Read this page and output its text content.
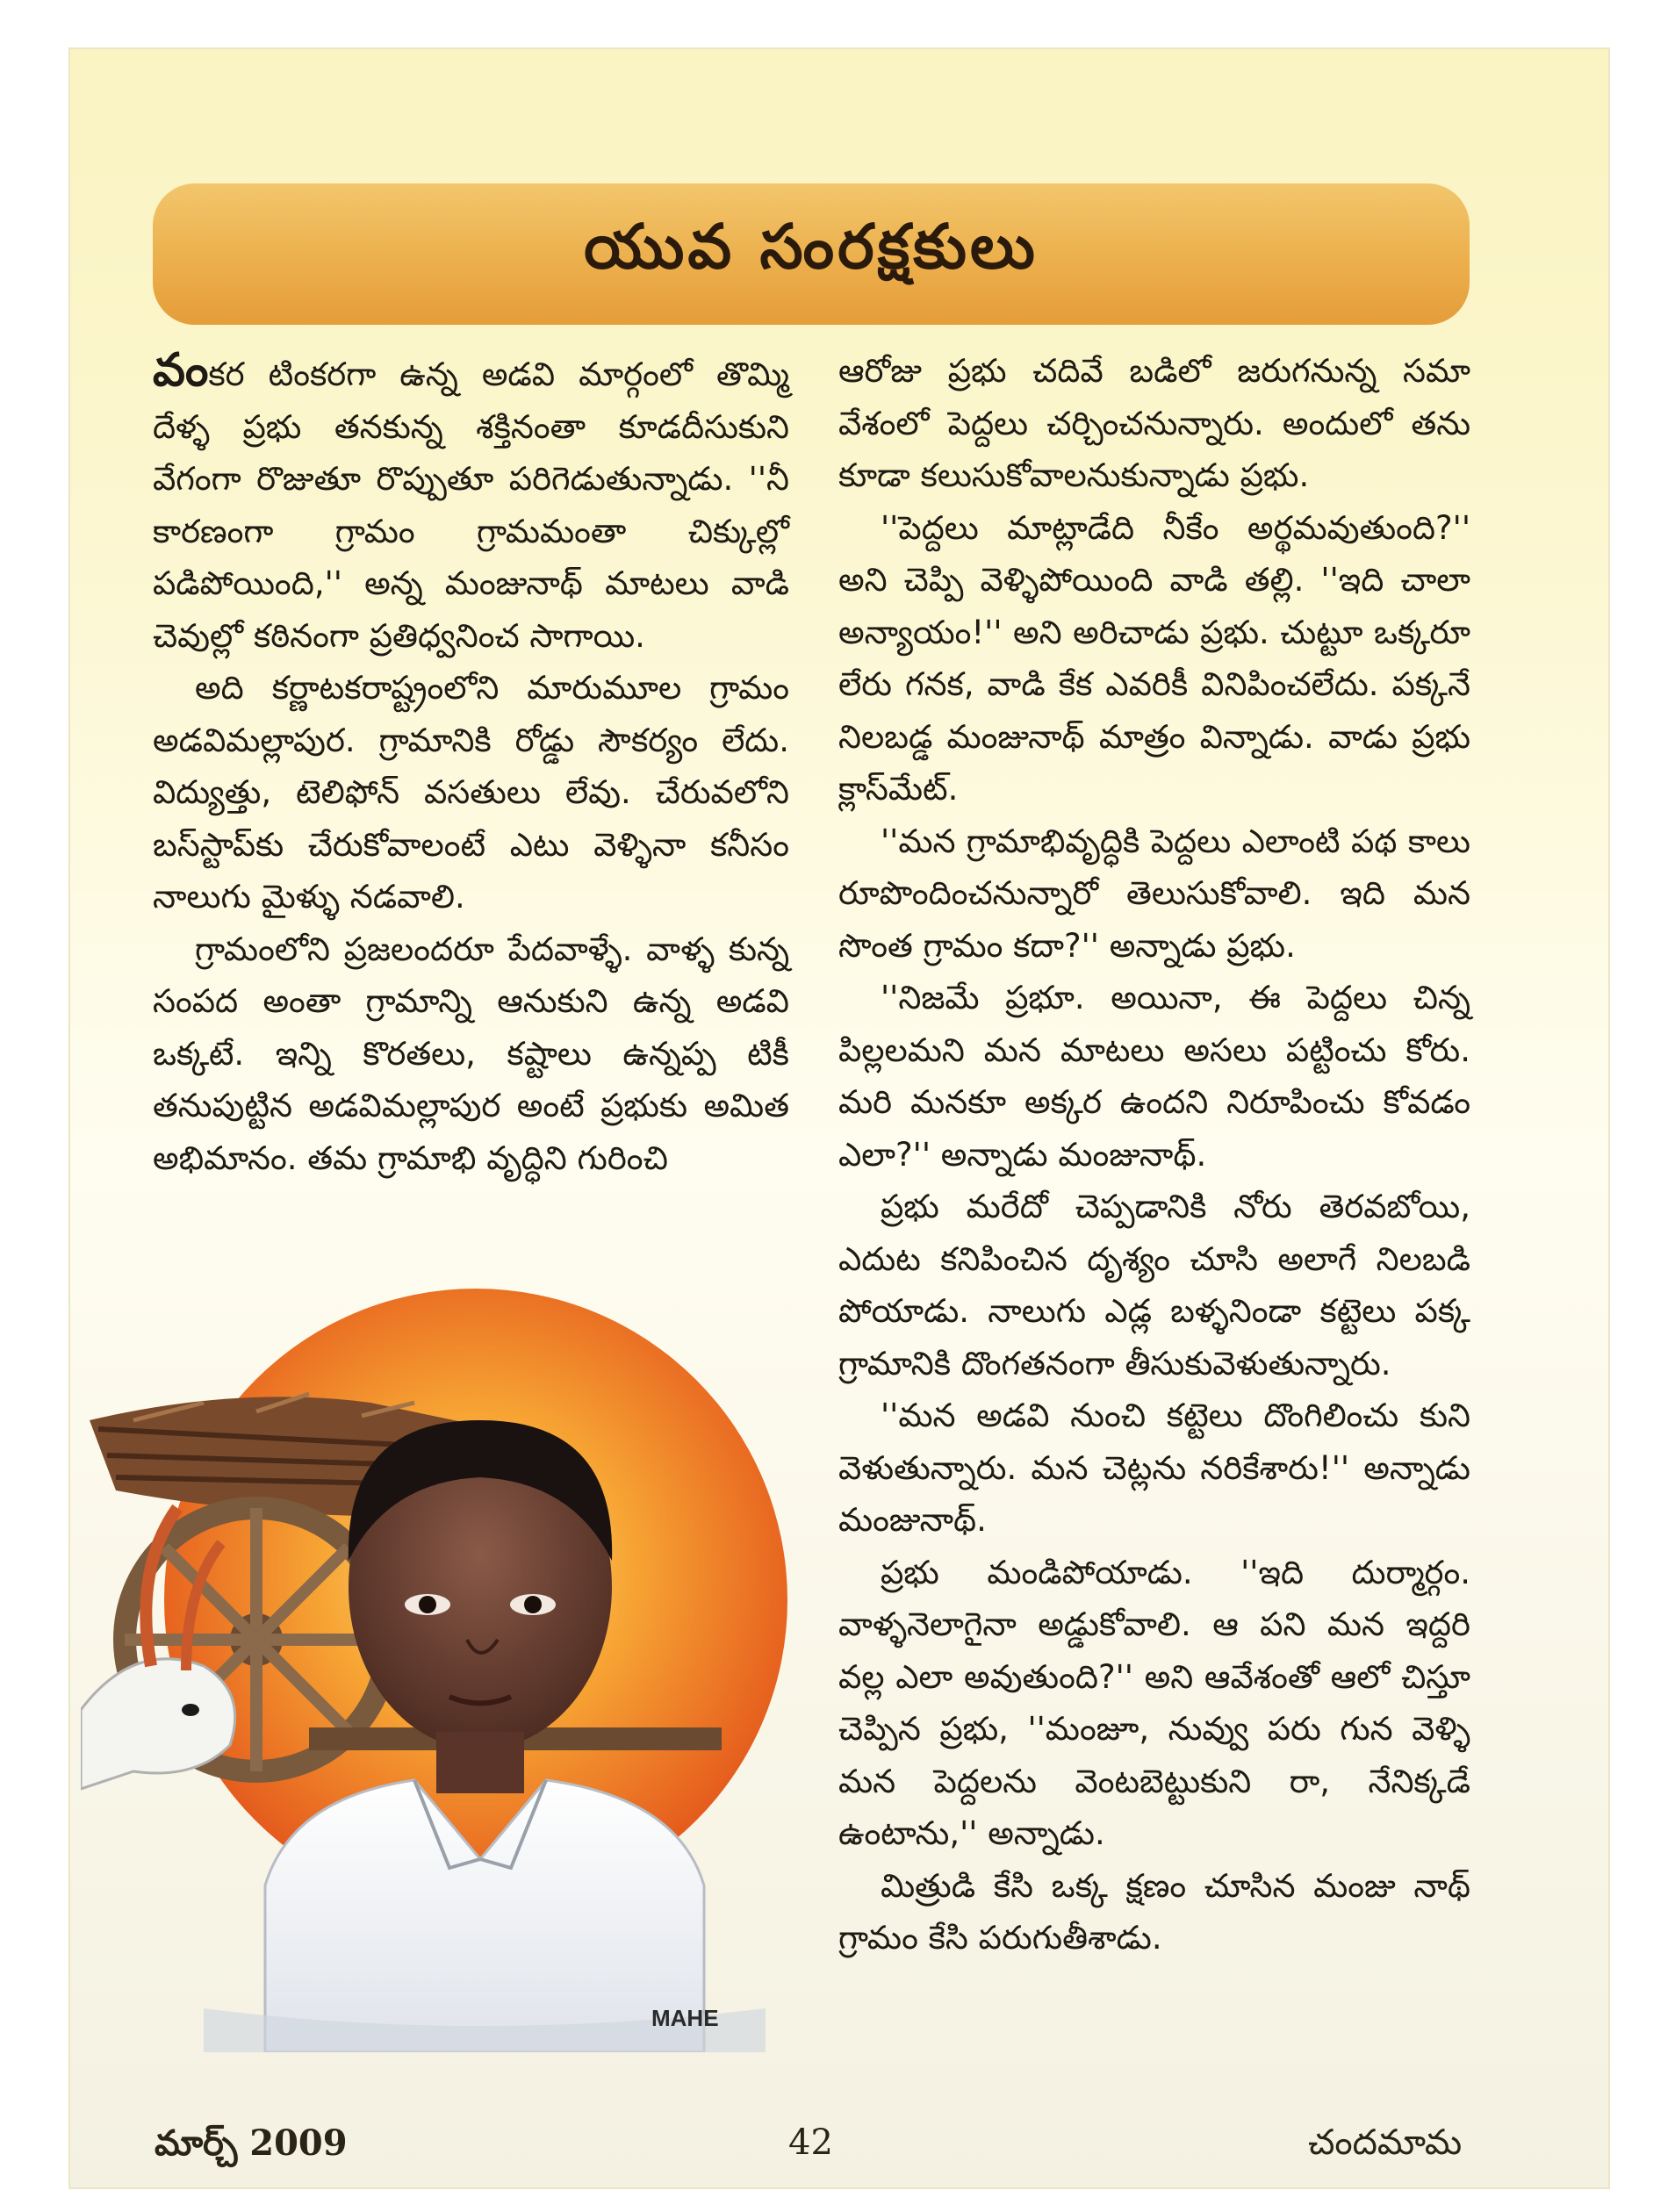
యువ సంరక్షకులు

వంకర టింకరగా ఉన్న అడవి మార్గంలో తొమ్మి దేళ్ళ ప్రభు తనకున్న శక్తినంతా కూడదీసుకుని వేగంగా రొజుతూ రొప్పుతూ పరిగెడుతున్నాడు. ''నీ కారణంగా గ్రామం గ్రామమంతా చిక్కుల్లో పడిపోయింది,'' అన్న మంజునాథ్ మాటలు వాడి చెవుల్లో కఠినంగా ప్రతిధ్వనించ సాగాయి.

అది కర్ణాటకరాష్ట్రంలోని మారుమూల గ్రామం అడవిమల్లాపుర. గ్రామానికి రోడ్డు సౌకర్యం లేదు. విద్యుత్తు, టెలిఫోన్ వసతులు లేవు. చేరువలోని బస్‌స్టాప్‌కు చేరుకోవాలంటే ఎటు వెళ్ళినా కనీసం నాలుగు మైళ్ళు నడవాలి.

గ్రామంలోని ప్రజలందరూ పేదవాళ్ళే. వాళ్ళ కున్న సంపద అంతా గ్రామాన్ని ఆనుకుని ఉన్న అడవి ఒక్కటే. ఇన్ని కొరతలు, కష్టాలు ఉన్నప్ప టికీ తనుపుట్టిన అడవిమల్లాపుర అంటే ప్రభుకు అమిత అభిమానం. తమ గ్రామాభి వృద్ధిని గురించి

ఆరోజు ప్రభు చదివే బడిలో జరుగనున్న సమా వేశంలో పెద్దలు చర్చించనున్నారు. అందులో తను కూడా కలుసుకోవాలనుకున్నాడు ప్రభు.

''పెద్దలు మాట్లాడేది నీకేం అర్థమవుతుంది?'' అని చెప్పి వెళ్ళిపోయింది వాడి తల్లి. ''ఇది చాలా అన్యాయం!'' అని అరిచాడు ప్రభు. చుట్టూ ఒక్కరూ లేరు గనక, వాడి కేక ఎవరికీ వినిపించలేదు. పక్కనే నిలబడ్డ మంజునాథ్ మాత్రం విన్నాడు. వాడు ప్రభు క్లాస్‌మేట్.

''మన గ్రామాభివృద్ధికి పెద్దలు ఎలాంటి పథ కాలు రూపొందించనున్నారో తెలుసుకోవాలి. ఇది మన సొంత గ్రామం కదా?'' అన్నాడు ప్రభు.

''నిజమే ప్రభూ. అయినా, ఈ పెద్దలు చిన్న పిల్లలమని మన మాటలు అసలు పట్టించు కోరు. మరి మనకూ అక్కర ఉందని నిరూపించు కోవడం ఎలా?'' అన్నాడు మంజునాథ్.

ప్రభు మరేదో చెప్పడానికి నోరు తెరవబోయి, ఎదుట కనిపించిన దృశ్యం చూసి అలాగే నిలబడి పోయాడు. నాలుగు ఎడ్ల బళ్ళనిండా కట్టెలు పక్క గ్రామానికి దొంగతనంగా తీసుకువెళుతున్నారు.

''మన అడవి నుంచి కట్టెలు దొంగిలించు కుని వెళుతున్నారు. మన చెట్లను నరికేశారు!'' అన్నాడు మంజునాథ్.

ప్రభు మండిపోయాడు. ''ఇది దుర్మార్గం. వాళ్ళనెలాగైనా అడ్డుకోవాలి. ఆ పని మన ఇద్దరి వల్ల ఎలా అవుతుంది?'' అని ఆవేశంతో ఆలో చిస్తూ చెప్పిన ప్రభు, ''మంజూ, నువ్వు పరు గున వెళ్ళి మన పెద్దలను వెంటబెట్టుకుని రా, నేనిక్కడే ఉంటాను,'' అన్నాడు.

మిత్రుడి కేసి ఒక్క క్షణం చూసిన మంజు నాథ్ గ్రామం కేసి పరుగుతీశాడు.

MAHE
మార్చ్ 2009	42	చందమామ
